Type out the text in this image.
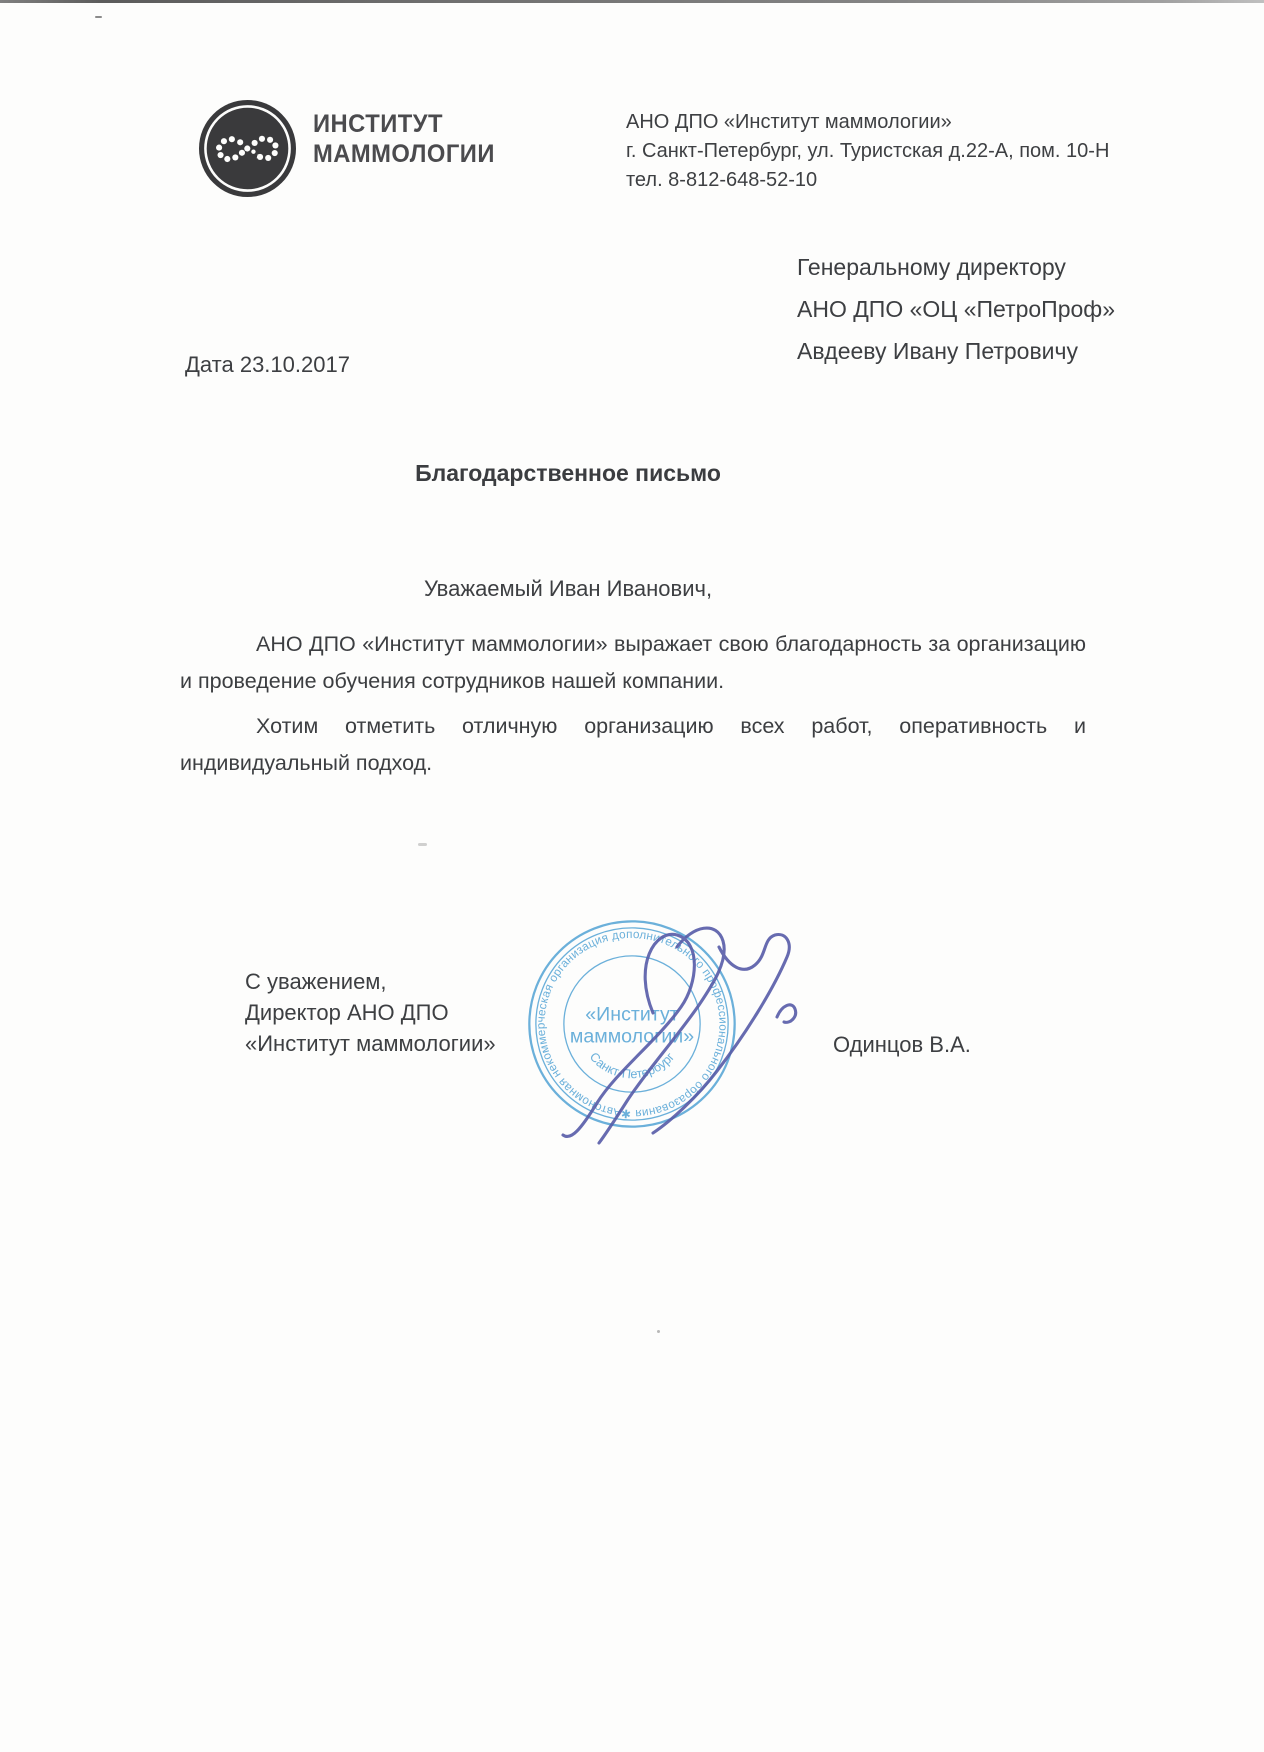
ИНСТИТУТ
МАММОЛОГИИ
АНО ДПО «Институт маммологии»
г. Санкт-Петербург, ул. Туристская д.22-А, пом. 10-Н
тел. 8-812-648-52-10
Генеральному директору
АНО ДПО «ОЦ «ПетроПроф»
Авдееву Ивану Петровичу
Дата 23.10.2017
Благодарственное письмо
Уважаемый Иван Иванович,

АНО ДПО «Институт маммологии» выражает свою благодарность за организацию и проведение обучения сотрудников нашей компании.

Хотим отметить отличную организацию всех работ, оперативность и индивидуальный подход.

С уважением,
Директор АНО ДПО
«Институт маммологии»
Автономная некоммерческая организация дополнительного профессионального образования ✱
Санкт-Петербург
«Институт
маммологии»	Одинцов В.А.
